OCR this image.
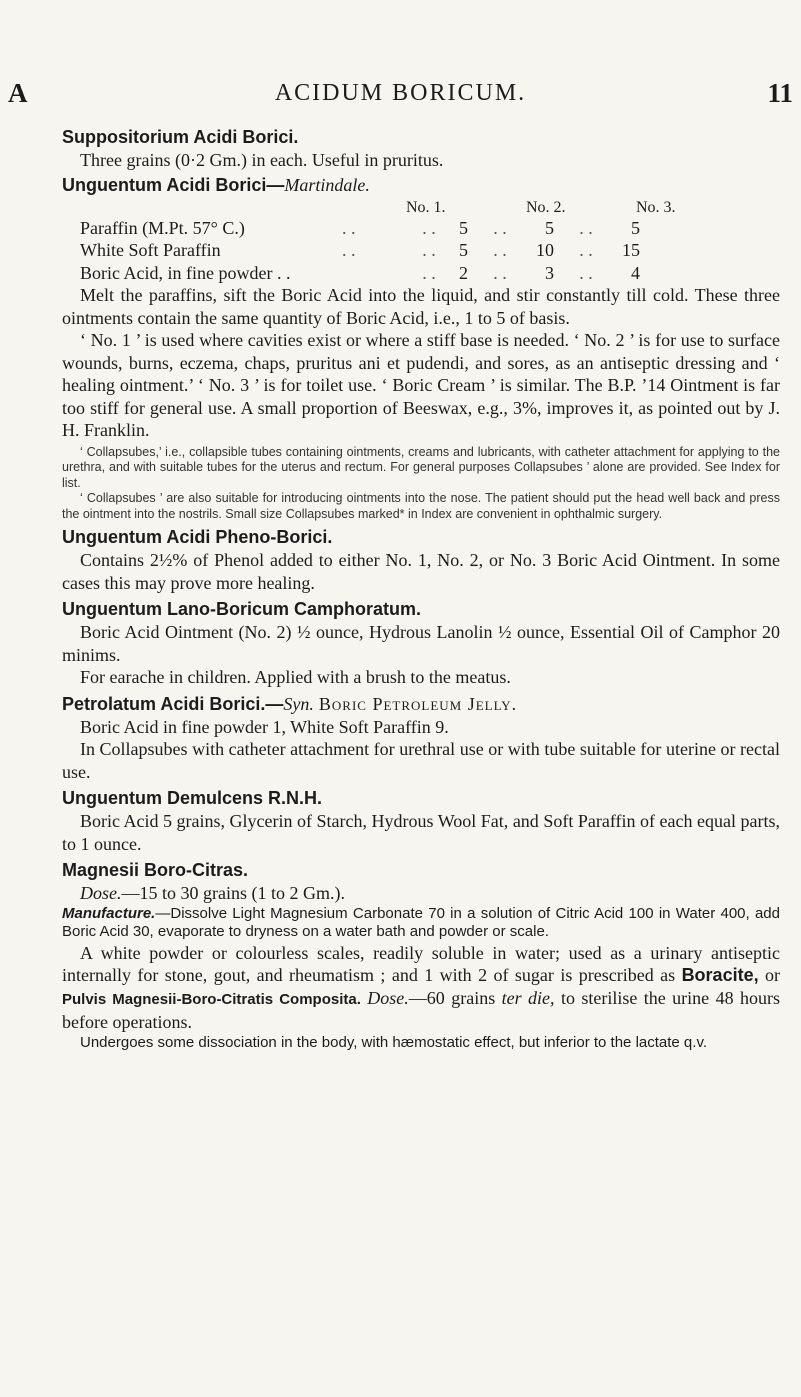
A	ACIDUM BORICUM.	11
Suppositorium Acidi Borici.
Three grains (0·2 Gm.) in each. Useful in pruritus.
Unguentum Acidi Borici—Martindale.
No. 1.	No. 2.	No. 3.
Paraffin (M.Pt. 57° C.)	. .	. .	5	. .	5	. .	5
White Soft Paraffin	. .	. .	5	. .	10	. .	15
Boric Acid, in fine powder . .		. .	2	. .	3	. .	4
Melt the paraffins, sift the Boric Acid into the liquid, and stir constantly till cold. These three ointments contain the same quantity of Boric Acid, i.e., 1 to 5 of basis.
‘ No. 1 ’ is used where cavities exist or where a stiff base is needed. ‘ No. 2 ’ is for use to surface wounds, burns, eczema, chaps, pruritus ani et pudendi, and sores, as an antiseptic dressing and ‘ healing ointment.’ ‘ No. 3 ’ is for toilet use. ‘ Boric Cream ’ is similar. The B.P. ’14 Ointment is far too stiff for general use. A small proportion of Beeswax, e.g., 3%, improves it, as pointed out by J. H. Franklin.
‘ Collapsubes,’ i.e., collapsible tubes containing ointments, creams and lubricants, with catheter attachment for applying to the urethra, and with suitable tubes for the uterus and rectum. For general purposes Collapsubes ’ alone are provided. See Index for list.
‘ Collapsubes ’ are also suitable for introducing ointments into the nose. The patient should put the head well back and press the ointment into the nostrils. Small size Collapsubes marked* in Index are convenient in ophthalmic surgery.
Unguentum Acidi Pheno-Borici.
Contains 2½% of Phenol added to either No. 1, No. 2, or No. 3 Boric Acid Ointment. In some cases this may prove more healing.
Unguentum Lano-Boricum Camphoratum.
Boric Acid Ointment (No. 2) ½ ounce, Hydrous Lanolin ½ ounce, Essential Oil of Camphor 20 minims.
For earache in children. Applied with a brush to the meatus.
Petrolatum Acidi Borici.—Syn. Boric Petroleum Jelly.
Boric Acid in fine powder 1, White Soft Paraffin 9.
In Collapsubes with catheter attachment for urethral use or with tube suitable for uterine or rectal use.
Unguentum Demulcens R.N.H.
Boric Acid 5 grains, Glycerin of Starch, Hydrous Wool Fat, and Soft Paraffin of each equal parts, to 1 ounce.
Magnesii Boro-Citras.
Dose.—15 to 30 grains (1 to 2 Gm.).
Manufacture.—Dissolve Light Magnesium Carbonate 70 in a solution of Citric Acid 100 in Water 400, add Boric Acid 30, evaporate to dryness on a water bath and powder or scale.
A white powder or colourless scales, readily soluble in water; used as a urinary antiseptic internally for stone, gout, and rheumatism ; and 1 with 2 of sugar is prescribed as Boracite, or Pulvis Magnesii-Boro-Citratis Composita. Dose.—60 grains ter die, to sterilise the urine 48 hours before operations.
Undergoes some dissociation in the body, with hæmostatic effect, but inferior to the lactate q.v.
